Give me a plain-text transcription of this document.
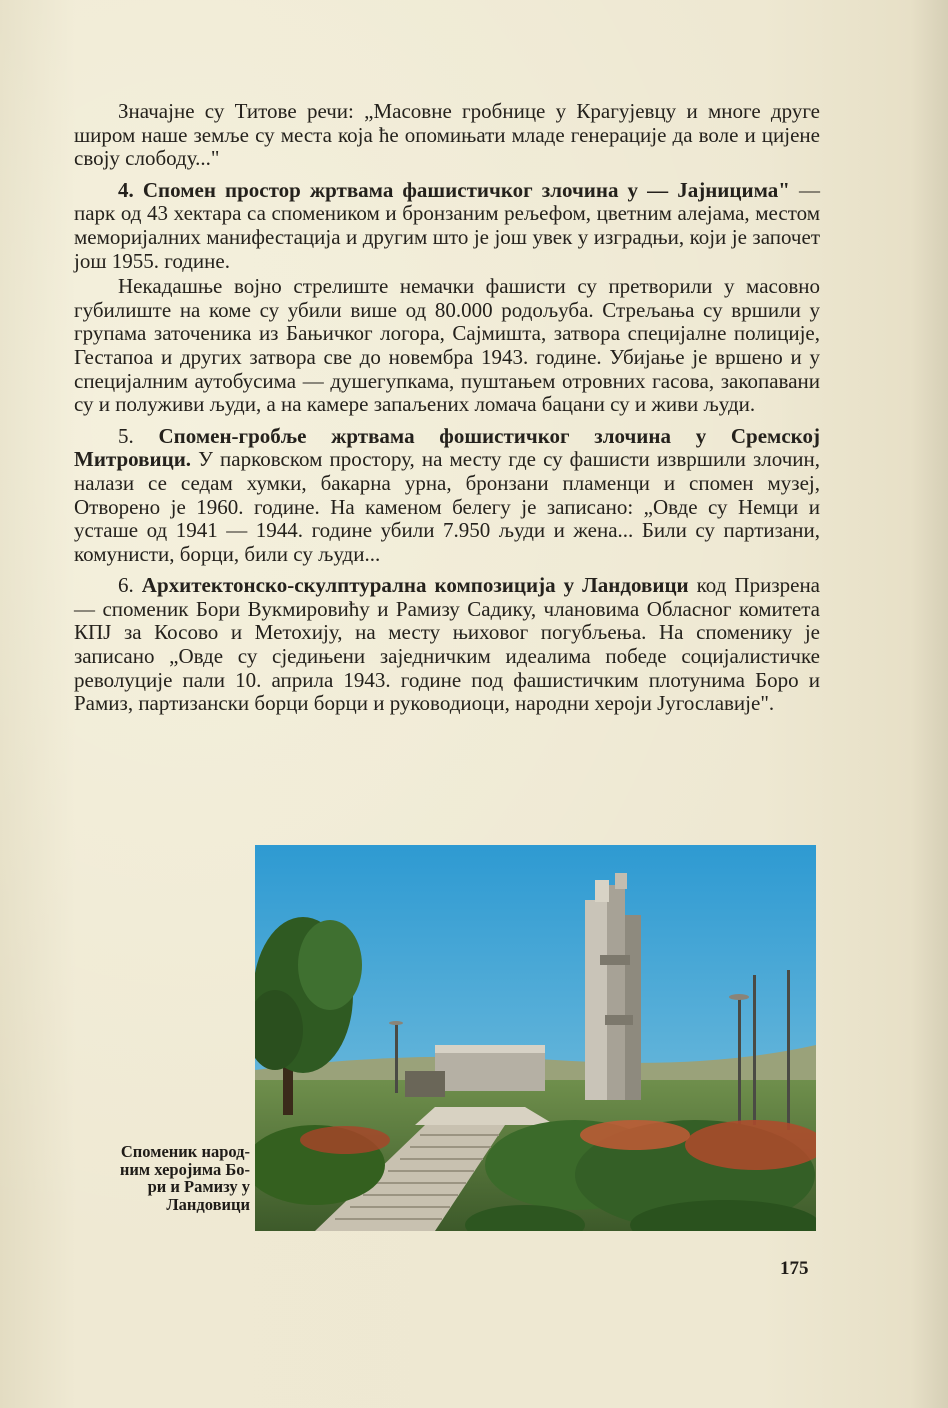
Значајне су Титове речи: „Масовне гробнице у Крагујевцу и многе друге широм наше земље су места која ће опомињати младе генерације да воле и цијене своју слободу..."

4. Спомен простор жртвама фашистичког злочина у — Јајницима" — парк од 43 хектара са спомеником и бронзаним рељефом, цветним алејама, местом меморијалних манифестација и другим што је још увек у изградњи, који је започет још 1955. године.

Некадашње војно стрелиште немачки фашисти су претворили у масовно губилиште на коме су убили више од 80.000 родољуба. Стрељања су вршили у групама заточеника из Бањичког логора, Сајмишта, затвора специјалне полиције, Гестапоа и других затвора све до новембра 1943. године. Убијање је вршено и у специјалним аутобусима — душегупкама, пуштањем отровних гасова, закопавани су и полуживи људи, а на камере запаљених ломача бацани су и живи људи.

5. Спомен-гробље жртвама фошистичког злочина у Сремској Митровици. У парковском простору, на месту где су фашисти извршили злочин, налази се седам хумки, бакарна урна, бронзани пламенци и спомен музеј, Отворено је 1960. године. На каменом белегу је записано: „Овде су Немци и усташе од 1941 — 1944. године убили 7.950 људи и жена... Били су партизани, комунисти, борци, били су људи...

6. Архитектонско-скулптурална композиција у Ландовици код Призрена — споменик Бори Вукмировићу и Рамизу Садику, члановима Обласног комитета КПЈ за Косово и Метохију, на месту њиховог погубљења. На споменику је записано „Овде су сједињени заједничким идеалима победе социјалистичке револуције пали 10. априла 1943. године под фашистичким плотунима Боро и Рамиз, партизански борци борци и руководиоци, народни хероји Југославије".

Споменик народ-
ним херојима Бо-
ри и Рамизу у
Ландовици
175
